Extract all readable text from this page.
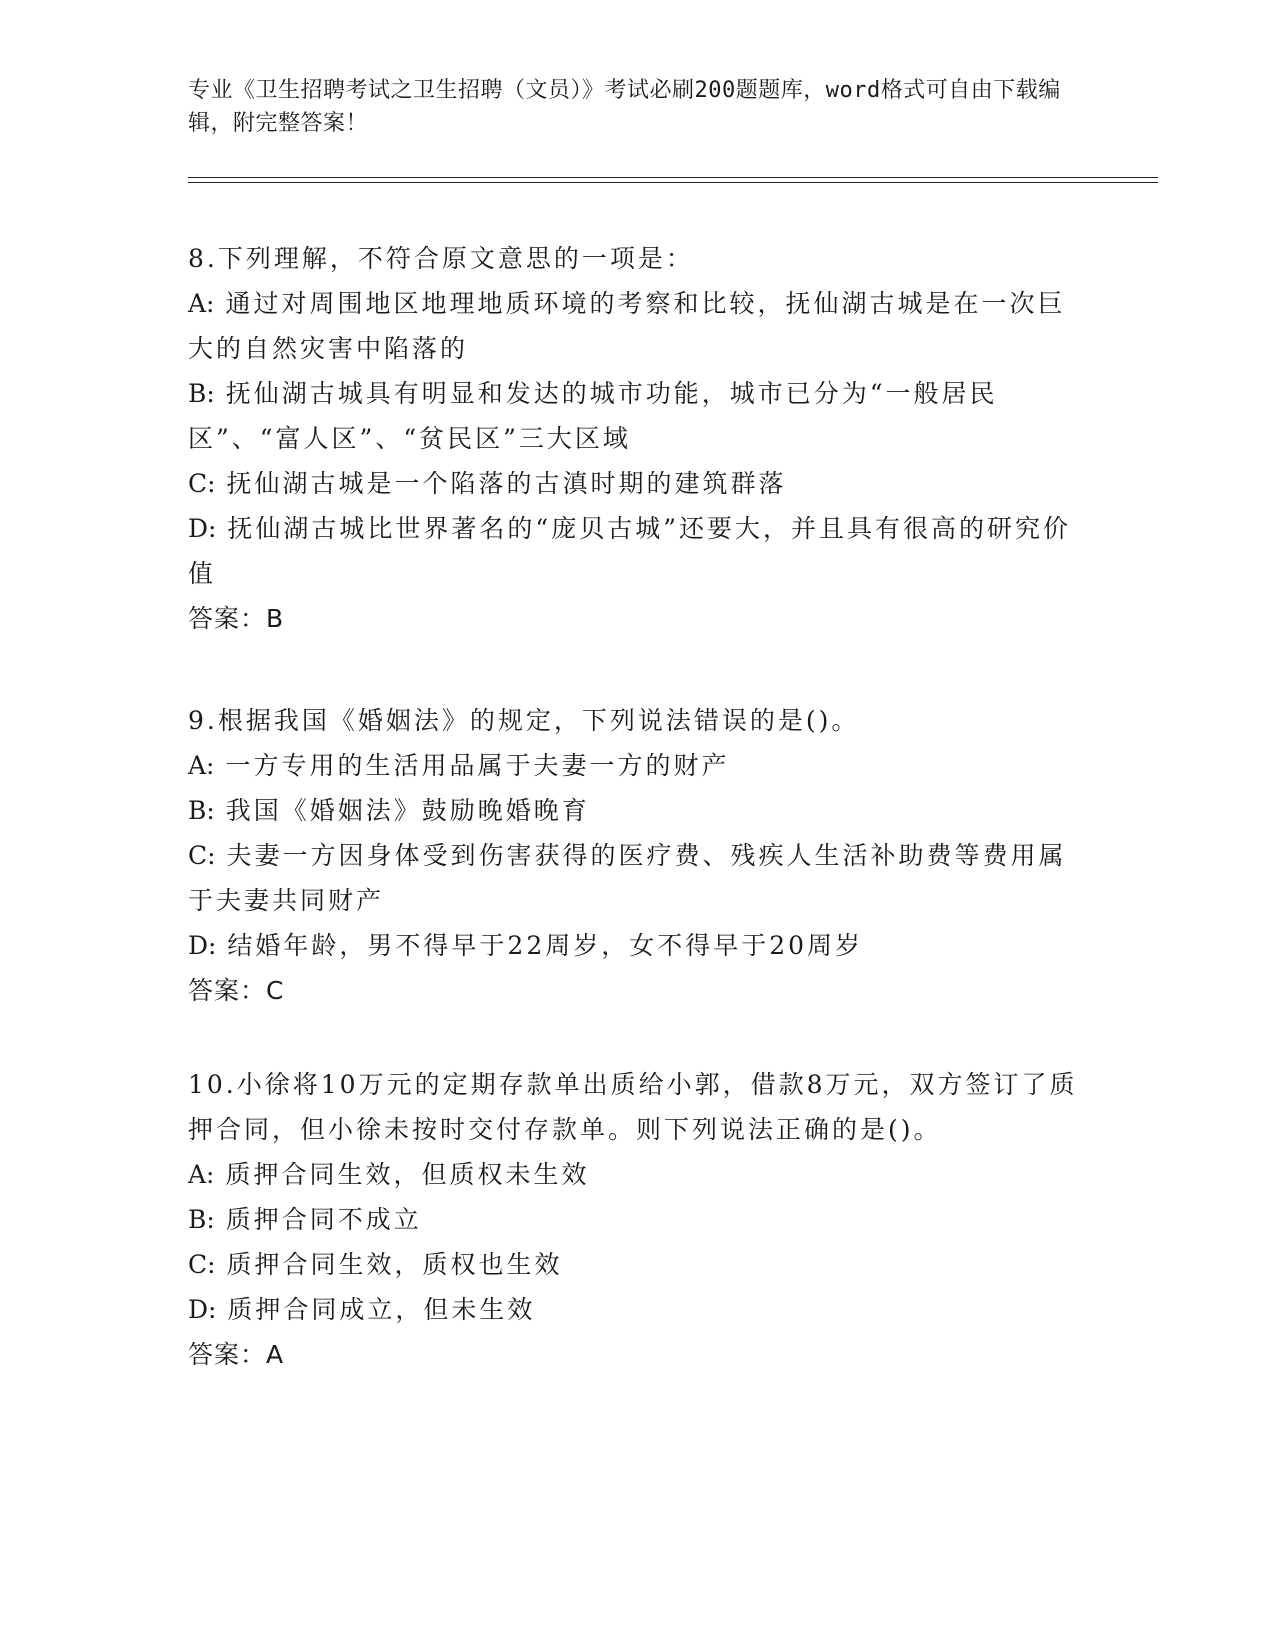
专业《卫生招聘考试之卫生招聘（文员）》考试必刷200题题库，word格式可自由下载编辑，附完整答案！

8.下列理解，不符合原文意思的一项是：

A: 通过对周围地区地理地质环境的考察和比较，抚仙湖古城是在一次巨大的自然灾害中陷落的

B: 抚仙湖古城具有明显和发达的城市功能，城市已分为“一般居民区”、“富人区”、“贫民区”三大区域

C: 抚仙湖古城是一个陷落的古滇时期的建筑群落

D: 抚仙湖古城比世界著名的“庞贝古城”还要大，并且具有很高的研究价值

答案：B

9.根据我国《婚姻法》的规定，下列说法错误的是()。

A: 一方专用的生活用品属于夫妻一方的财产

B: 我国《婚姻法》鼓励晚婚晚育

C: 夫妻一方因身体受到伤害获得的医疗费、残疾人生活补助费等费用属于夫妻共同财产

D: 结婚年龄，男不得早于22周岁，女不得早于20周岁

答案：C

10.小徐将10万元的定期存款单出质给小郭，借款8万元，双方签订了质押合同，但小徐未按时交付存款单。则下列说法正确的是()。

A: 质押合同生效，但质权未生效

B: 质押合同不成立

C: 质押合同生效，质权也生效

D: 质押合同成立，但未生效

答案：A
